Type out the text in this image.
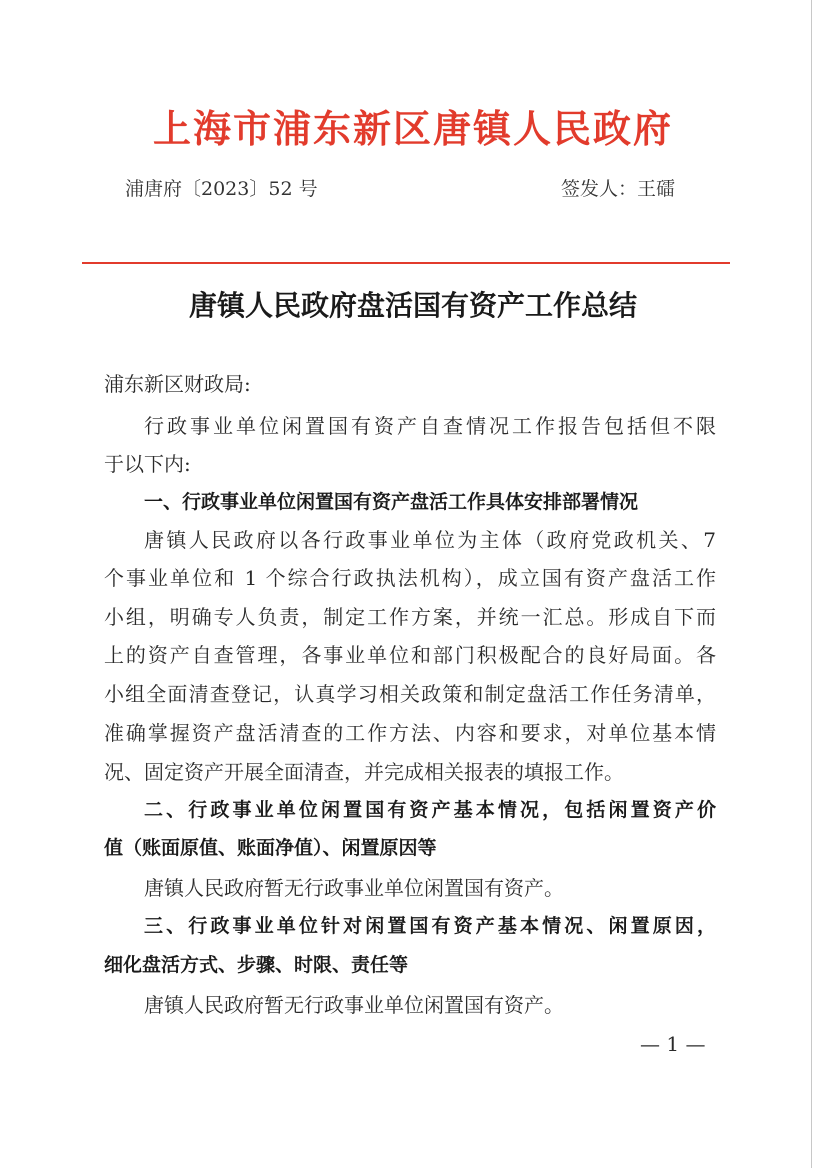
上海市浦东新区唐镇人民政府
浦唐府〔2023〕52 号	签发人：王礌
唐镇人民政府盘活国有资产工作总结
浦东新区财政局:
行政事业单位闲置国有资产自查情况工作报告包括但不限
于以下内:
一、行政事业单位闲置国有资产盘活工作具体安排部署情况
唐镇人民政府以各行政事业单位为主体（政府党政机关、7
个事业单位和 1 个综合行政执法机构），成立国有资产盘活工作
小组，明确专人负责，制定工作方案，并统一汇总。形成自下而
上的资产自查管理，各事业单位和部门积极配合的良好局面。各
小组全面清查登记，认真学习相关政策和制定盘活工作任务清单，
准确掌握资产盘活清查的工作方法、内容和要求，对单位基本情
况、固定资产开展全面清查，并完成相关报表的填报工作。
二、行政事业单位闲置国有资产基本情况，包括闲置资产价
值（账面原值、账面净值）、闲置原因等
唐镇人民政府暂无行政事业单位闲置国有资产。
三、行政事业单位针对闲置国有资产基本情况、闲置原因，
细化盘活方式、步骤、时限、责任等
唐镇人民政府暂无行政事业单位闲置国有资产。
— 1 —
